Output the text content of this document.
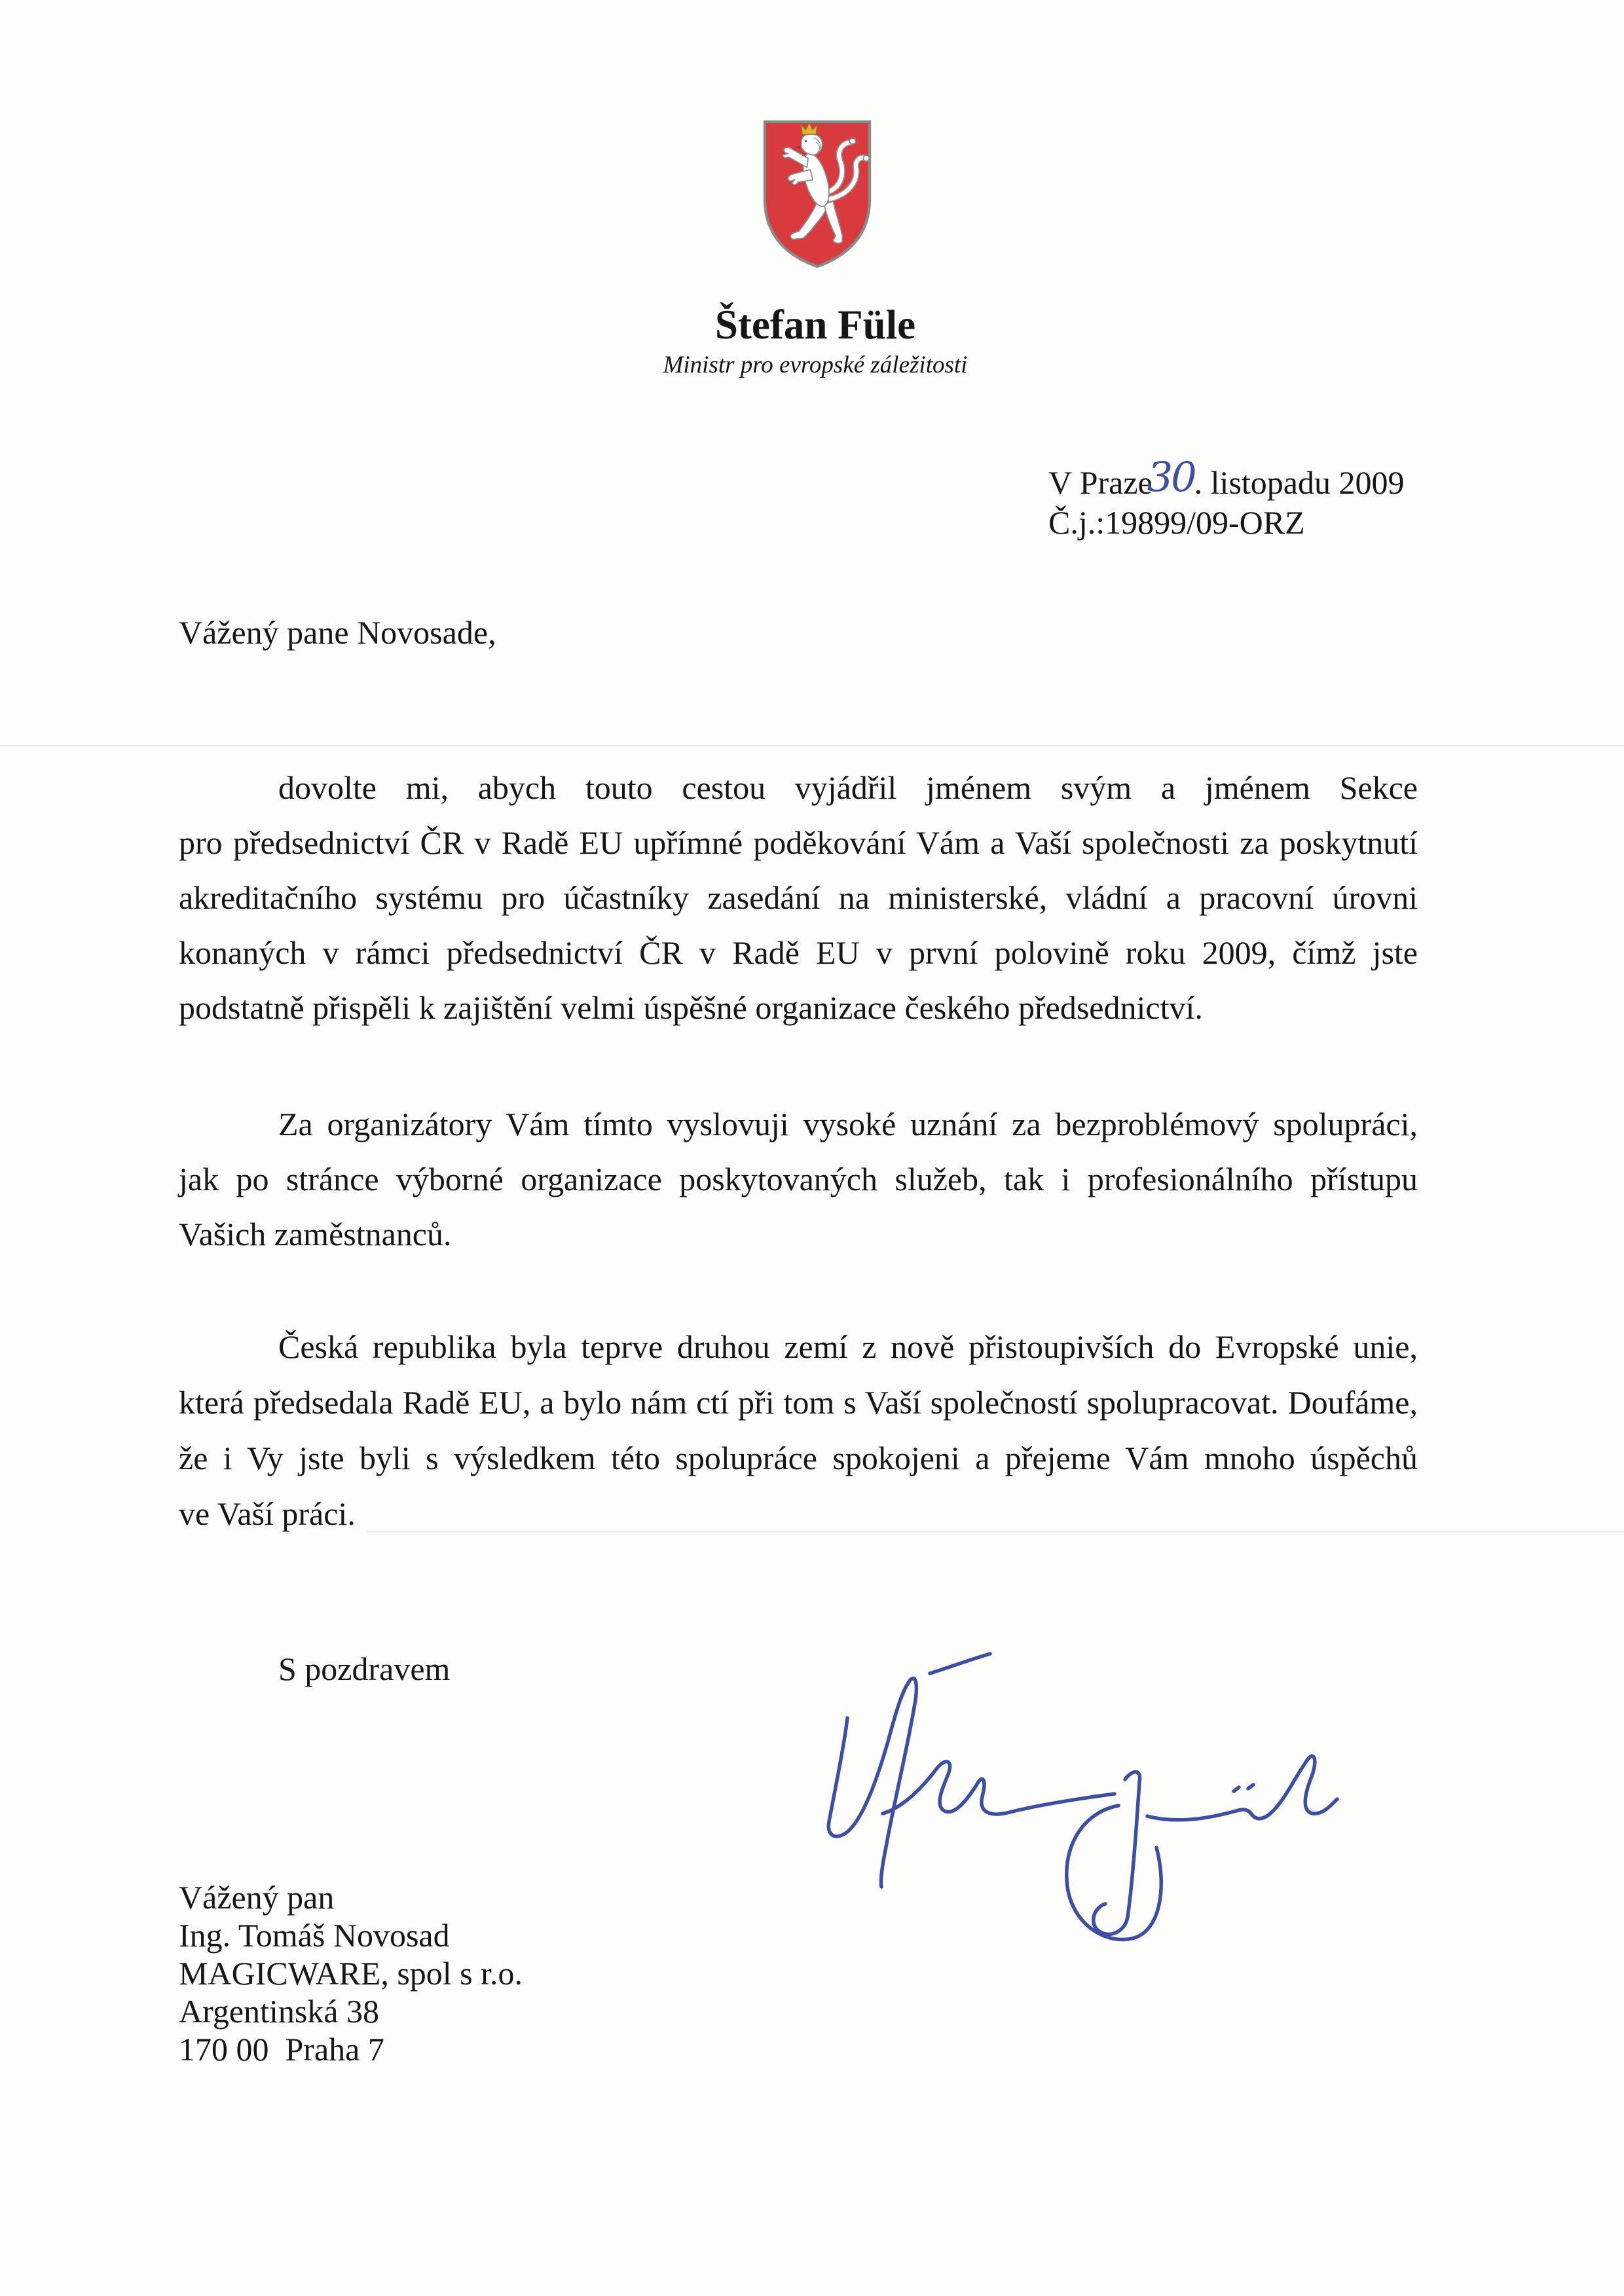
Štefan Füle
Ministr pro evropské záležitosti
V Praze30. listopadu 2009
Č.j.:19899/09-ORZ
Vážený pane Novosade,
dovolte mi, abych touto cestou vyjádřil jménem svým a jménem Sekce
pro předsednictví ČR v Radě EU upřímné poděkování Vám a Vaší společnosti za poskytnutí
akreditačního systému pro účastníky zasedání na ministerské, vládní a pracovní úrovni
konaných v rámci předsednictví ČR v Radě EU v první polovině roku 2009, čímž jste
podstatně přispěli k zajištění velmi úspěšné organizace českého předsednictví.
Za organizátory Vám tímto vyslovuji vysoké uznání za bezproblémový spolupráci,
jak po stránce výborné organizace poskytovaných služeb, tak i profesionálního přístupu
Vašich zaměstnanců.
Česká republika byla teprve druhou zemí z nově přistoupivších do Evropské unie,
která předsedala Radě EU, a bylo nám ctí při tom s Vaší společností spolupracovat. Doufáme,
že i Vy jste byli s výsledkem této spolupráce spokojeni a přejeme Vám mnoho úspěchů
ve Vaší práci.
S pozdravem
Vážený pan
Ing. Tomáš Novosad
MAGICWARE, spol s r.o.
Argentinská 38
170 00  Praha 7
